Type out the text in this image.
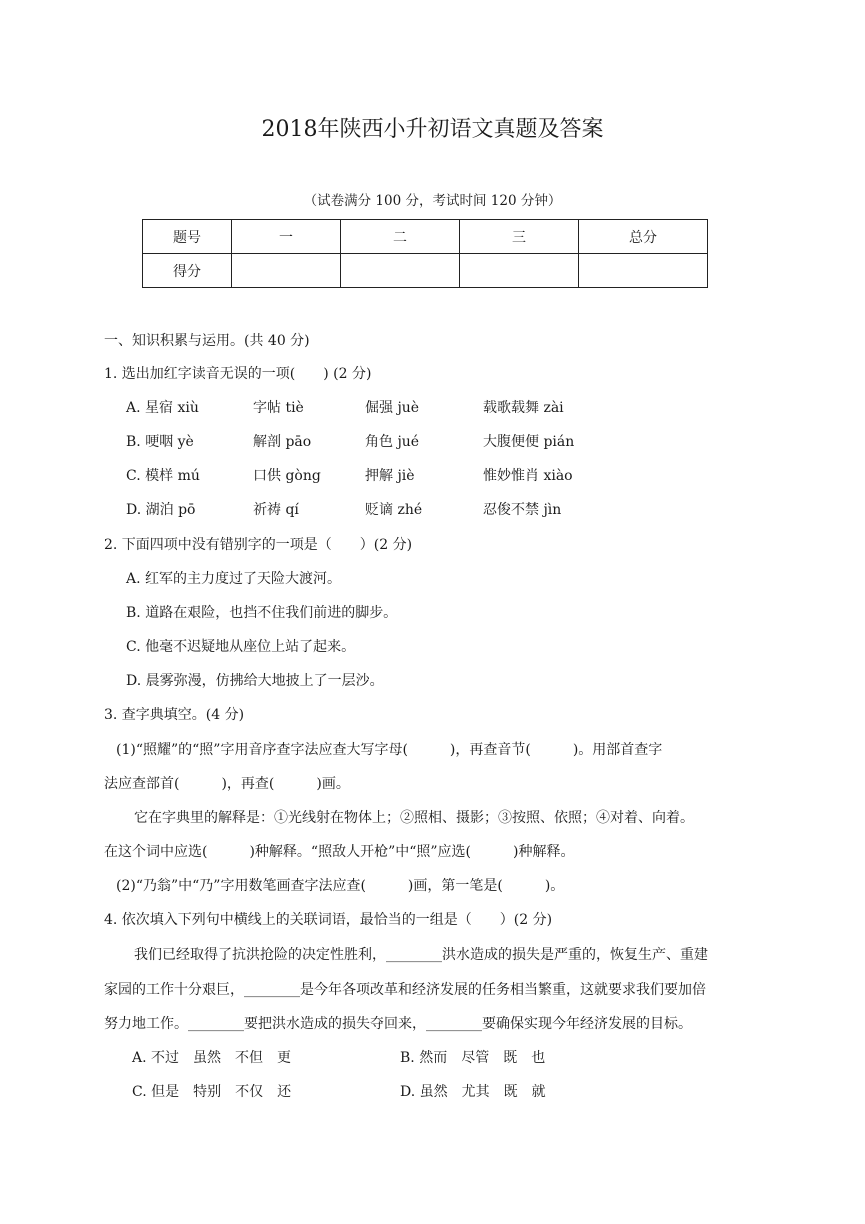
2018年陕西小升初语文真题及答案
（试卷满分 100 分，考试时间 120 分钟）
题号	一	二	三	总分
得分				
一、知识积累与运用。(共 40 分)
1. 选出加红字读音无误的一项(　　) (2 分)
A. 星宿 xiù	字帖 tiè	倔强 juè	载歌载舞 zài
B. 哽咽 yè	解剖 pāo	角色 jué	大腹便便 pián
C. 模样 mú	口供 gòng	押解 jiè	惟妙惟肖 xiào
D. 湖泊 pō	祈祷 qí	贬谪 zhé	忍俊不禁 jìn
2. 下面四项中没有错别字的一项是（　　）(2 分)
A. 红军的主力度过了天险大渡河。
B. 道路在艰险，也挡不住我们前进的脚步。
C. 他毫不迟疑地从座位上站了起来。
D. 晨雾弥漫，仿拂给大地披上了一层沙。
3. 查字典填空。(4 分)
(1)“照耀”的“照”字用音序查字法应查大写字母(　　　)，再查音节(　　　)。用部首查字
法应查部首(　　　)，再查(　　　)画。
它在字典里的解释是：①光线射在物体上；②照相、摄影；③按照、依照；④对着、向着。
在这个词中应选(　　　)种解释。“照敌人开枪”中“照”应选(　　　)种解释。
(2)“乃翁”中“乃”字用数笔画查字法应查(　　　)画，第一笔是(　　　)。
4. 依次填入下列句中横线上的关联词语，最恰当的一组是（　　）(2 分)
我们已经取得了抗洪抢险的决定性胜利，________洪水造成的损失是严重的，恢复生产、重建
家园的工作十分艰巨，________是今年各项改革和经济发展的任务相当繁重，这就要求我们要加倍
努力地工作。________要把洪水造成的损失夺回来，________要确保实现今年经济发展的目标。
A. 不过　虽然　不但　更	B. 然而　尽管　既　也
C. 但是　特别　不仅　还	D. 虽然　尤其　既　就
